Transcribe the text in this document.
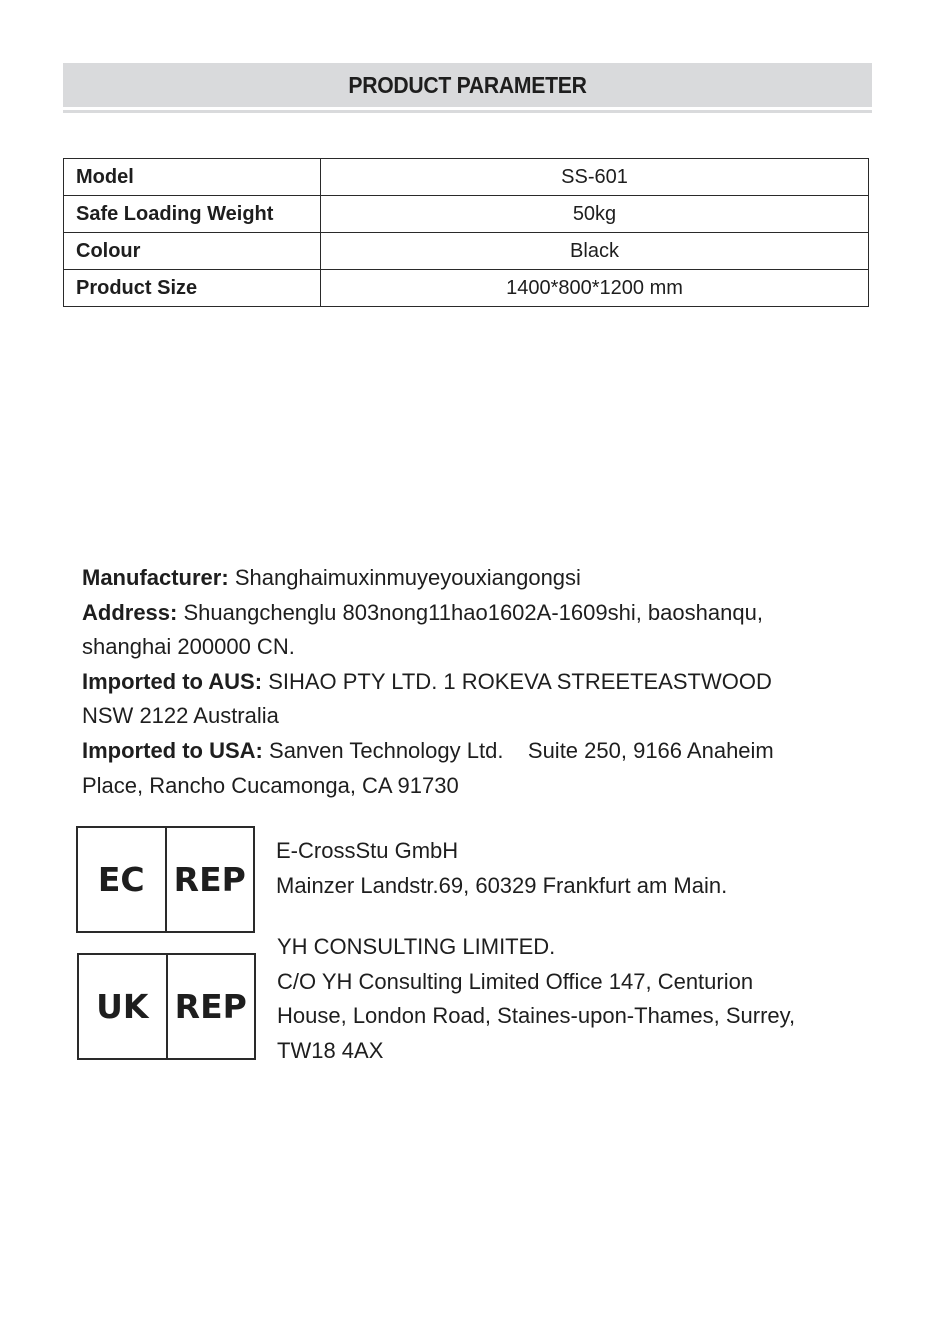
PRODUCT PARAMETER
Model	SS-601
Safe Loading Weight	50kg
Colour	Black
Product Size	1400*800*1200 mm

Manufacturer: Shanghaimuxinmuyeyouxiangongsi

Address: Shuangchenglu 803nong11hao1602A-1609shi, baoshanqu,

shanghai 200000 CN.

Imported to AUS: SIHAO PTY LTD. 1 ROKEVA STREETEASTWOOD

NSW 2122 Australia

Imported to USA: Sanven Technology Ltd.    Suite 250, 9166 Anaheim

Place, Rancho Cucamonga, CA 91730

EC REP

E-CrossStu GmbH

Mainzer Landstr.69, 60329 Frankfurt am Main.

UK REP

YH CONSULTING LIMITED.

C/O YH Consulting Limited Office 147, Centurion

House, London Road, Staines-upon-Thames, Surrey,

TW18 4AX
